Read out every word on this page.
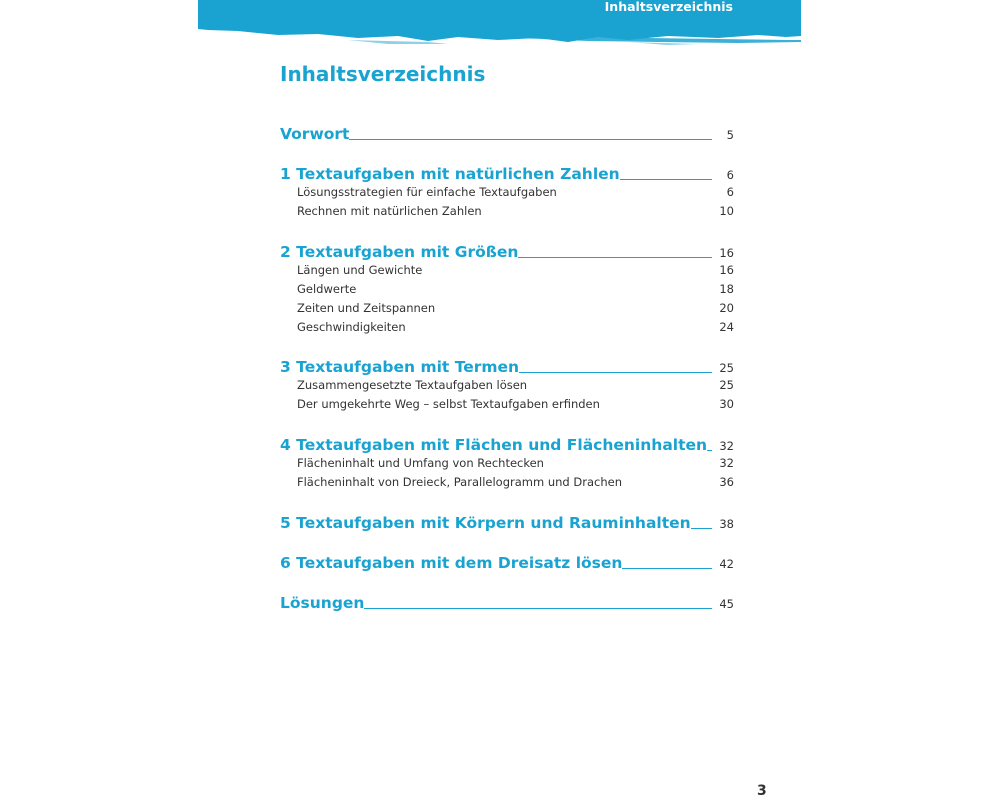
Inhaltsverzeichnis
Inhaltsverzeichnis
Vorwort	5
1 Textaufgaben mit natürlichen Zahlen	6
Lösungsstrategien für einfache Textaufgaben	6
Rechnen mit natürlichen Zahlen	10
2 Textaufgaben mit Größen	16
Längen und Gewichte	16
Geldwerte	18
Zeiten und Zeitspannen	20
Geschwindigkeiten	24
3 Textaufgaben mit Termen	25
Zusammengesetzte Textaufgaben lösen	25
Der umgekehrte Weg – selbst Textaufgaben erfinden	30
4 Textaufgaben mit Flächen und Flächeninhalten 32
Flächeninhalt und Umfang von Rechtecken	32
Flächeninhalt von Dreieck, Parallelogramm und Drachen	36
5 Textaufgaben mit Körpern und Rauminhalten 38
6 Textaufgaben mit dem Dreisatz lösen	42
Lösungen	45
3
